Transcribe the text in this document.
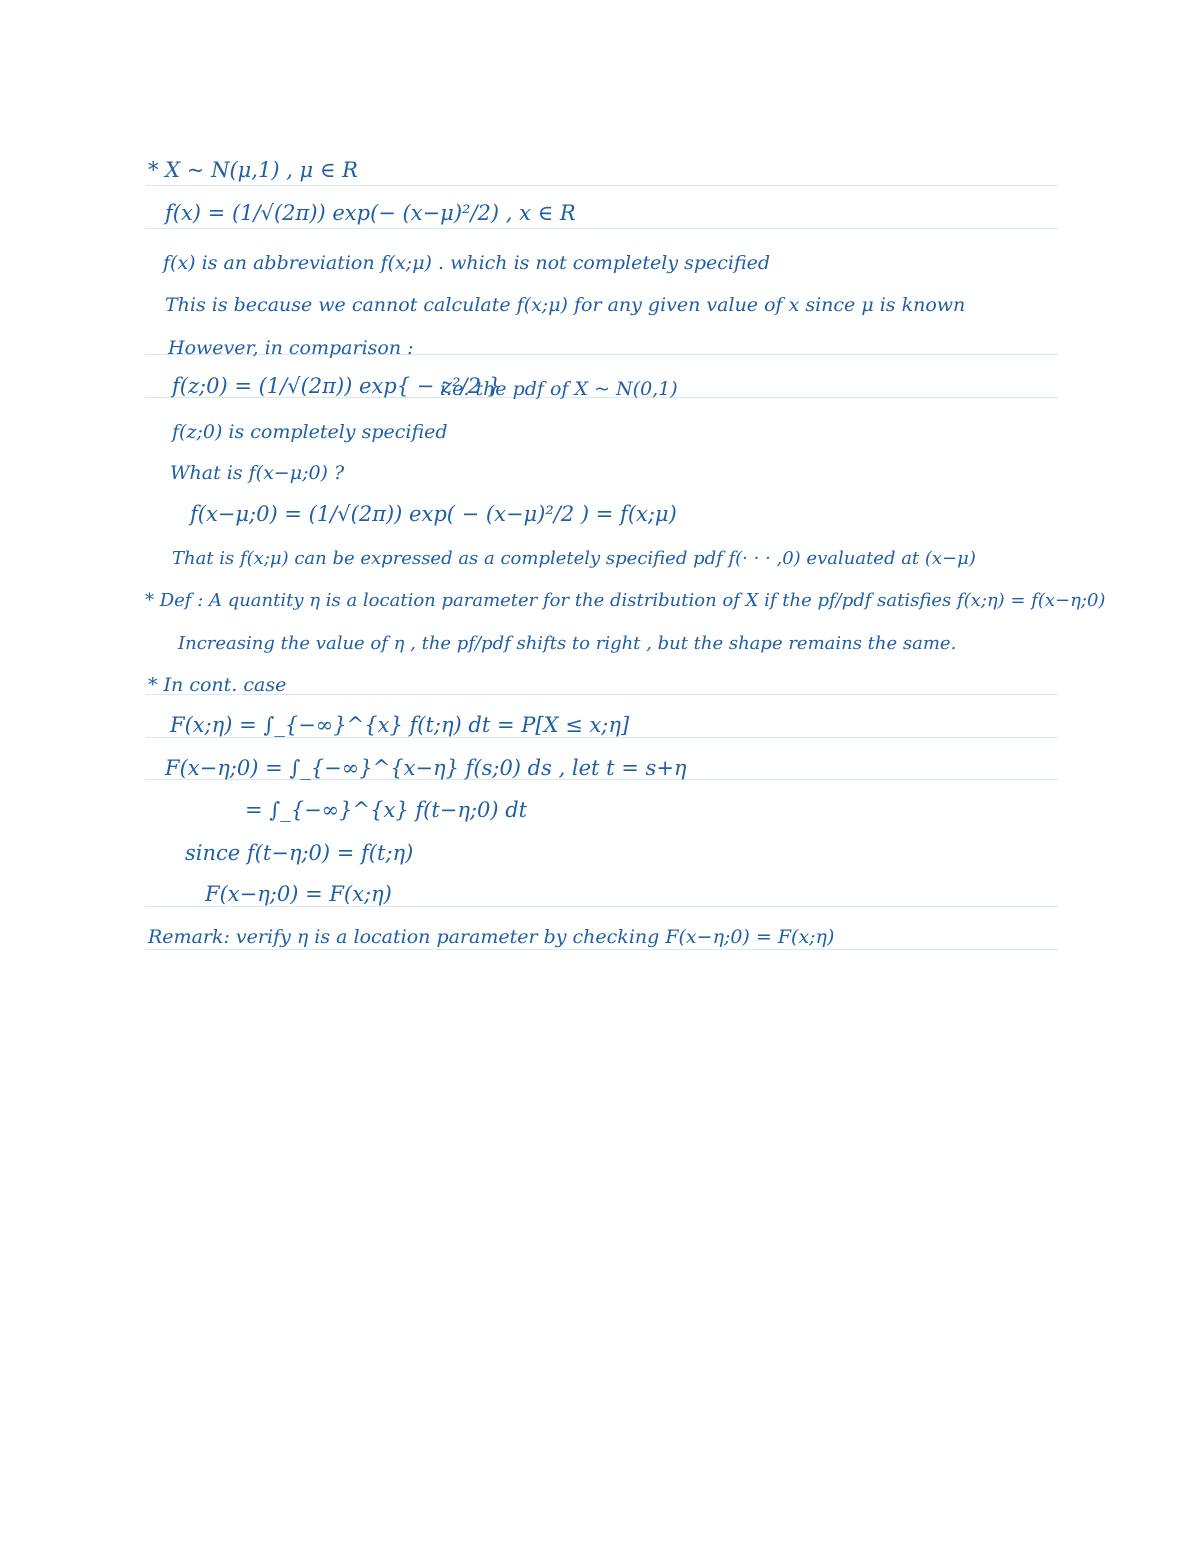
* X ~ N(μ,1) , μ ∈ R
f(x) = (1/√(2π)) exp(− (x−μ)²/2) , x ∈ R
f(x) is an abbreviation f(x;μ) . which is not completely specified
This is because we cannot calculate f(x;μ) for any given value of x since μ is known
However, in comparison :
f(z;0) = (1/√(2π)) exp{ − z²/2 }
i.e. the pdf of X ~ N(0,1)
f(z;0) is completely specified
What is f(x−μ;0) ?
f(x−μ;0) = (1/√(2π)) exp( − (x−μ)²/2 ) = f(x;μ)
That is f(x;μ) can be expressed as a completely specified pdf f(· · · ,0) evaluated at (x−μ)
* Def : A quantity η is a location parameter for the distribution of X if the pf/pdf satisfies f(x;η) = f(x−η;0)
Increasing the value of η , the pf/pdf shifts to right , but the shape remains the same.
* In cont. case
F(x;η) = ∫_{−∞}^{x} f(t;η) dt = P[X ≤ x;η]
F(x−η;0) = ∫_{−∞}^{x−η} f(s;0) ds , let t = s+η
= ∫_{−∞}^{x} f(t−η;0) dt
since f(t−η;0) = f(t;η)
F(x−η;0) = F(x;η)
Remark: verify η is a location parameter by checking F(x−η;0) = F(x;η)
